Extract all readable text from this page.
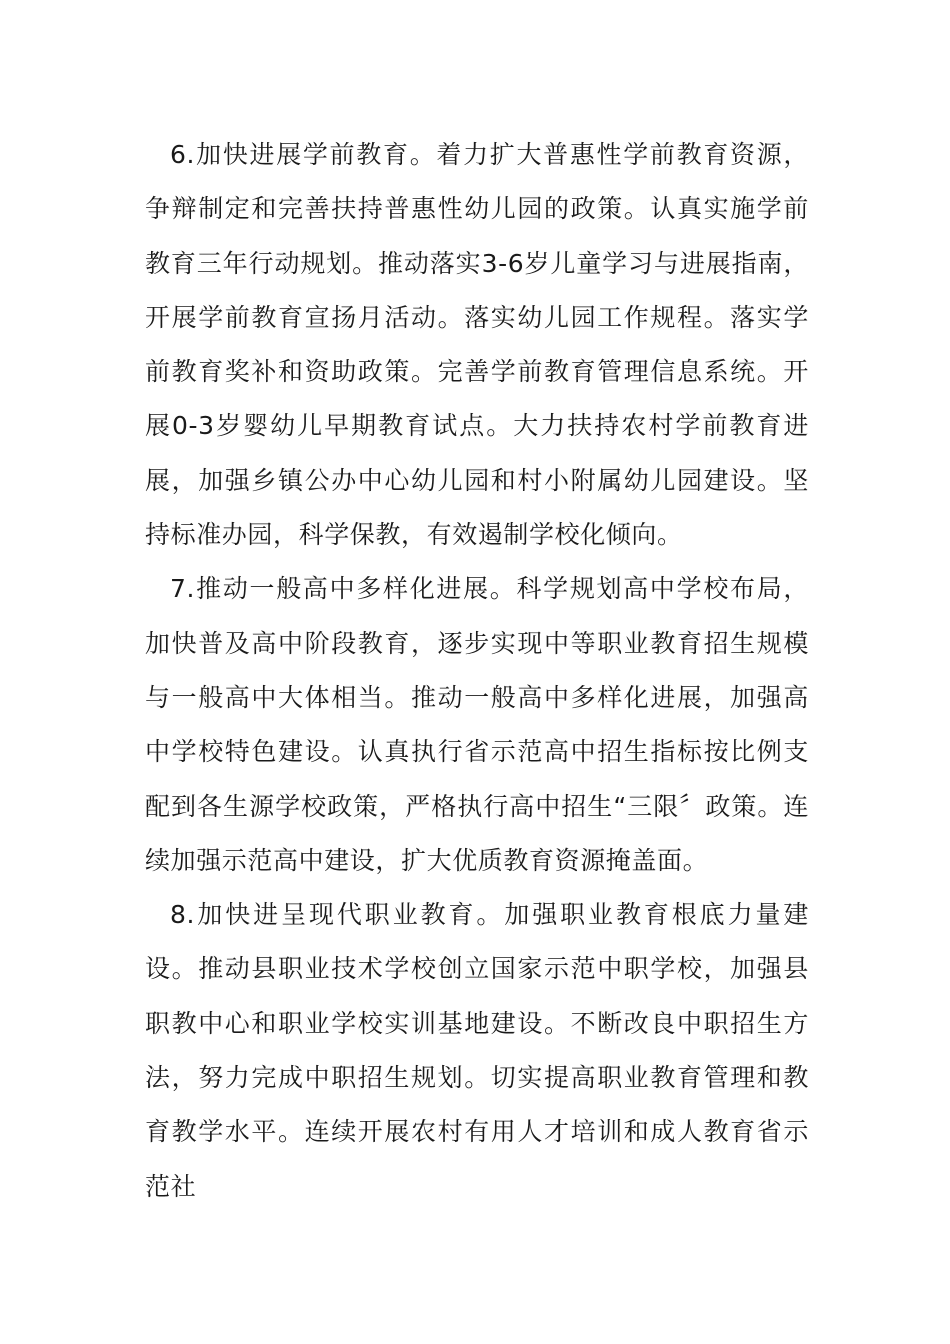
6.加快进展学前教育。着力扩大普惠性学前教育资源，争辩制定和完善扶持普惠性幼儿园的政策。认真实施学前教育三年行动规划。推动落实3-6岁儿童学习与进展指南，开展学前教育宣扬月活动。落实幼儿园工作规程。落实学前教育奖补和资助政策。完善学前教育管理信息系统。开展0-3岁婴幼儿早期教育试点。大力扶持农村学前教育进展，加强乡镇公办中心幼儿园和村小附属幼儿园建设。坚持标准办园，科学保教，有效遏制学校化倾向。

7.推动一般高中多样化进展。科学规划高中学校布局，加快普及高中阶段教育，逐步实现中等职业教育招生规模与一般高中大体相当。推动一般高中多样化进展，加强高中学校特色建设。认真执行省示范高中招生指标按比例支配到各生源学校政策，严格执行高中招生“三限〞政策。连续加强示范高中建设，扩大优质教育资源掩盖面。

8.加快进呈现代职业教育。加强职业教育根底力量建设。推动县职业技术学校创立国家示范中职学校，加强县职教中心和职业学校实训基地建设。不断改良中职招生方法，努力完成中职招生规划。切实提高职业教育管理和教育教学水平。连续开展农村有用人才培训和成人教育省示范社
